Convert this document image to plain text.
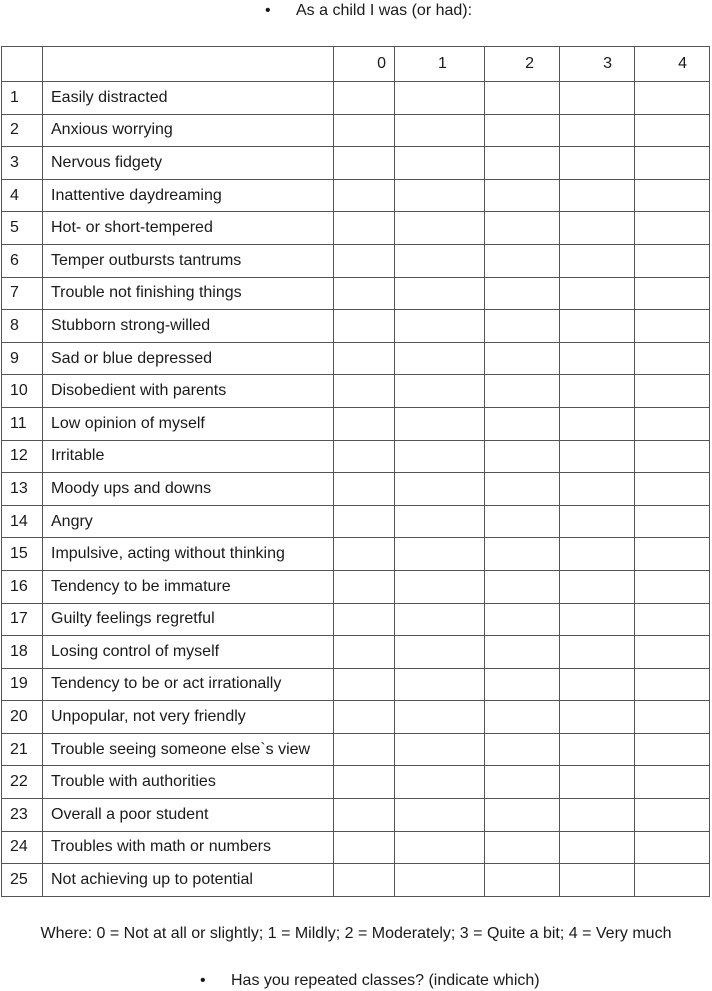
• As a child I was (or had):
		0	1	2	3	4
1	Easily distracted					
2	Anxious worrying					
3	Nervous fidgety					
4	Inattentive daydreaming					
5	Hot- or short-tempered					
6	Temper outbursts tantrums					
7	Trouble not finishing things					
8	Stubborn strong-willed					
9	Sad or blue depressed					
10	Disobedient with parents					
11	Low opinion of myself					
12	Irritable					
13	Moody ups and downs					
14	Angry					
15	Impulsive, acting without thinking					
16	Tendency to be immature					
17	Guilty feelings regretful					
18	Losing control of myself					
19	Tendency to be or act irrationally					
20	Unpopular, not very friendly					
21	Trouble seeing someone else`s view					
22	Trouble with authorities					
23	Overall a poor student					
24	Troubles with math or numbers					
25	Not achieving up to potential					
Where: 0 = Not at all or slightly; 1 = Mildly; 2 = Moderately; 3 = Quite a bit; 4 = Very much
• Has you repeated classes? (indicate which)
